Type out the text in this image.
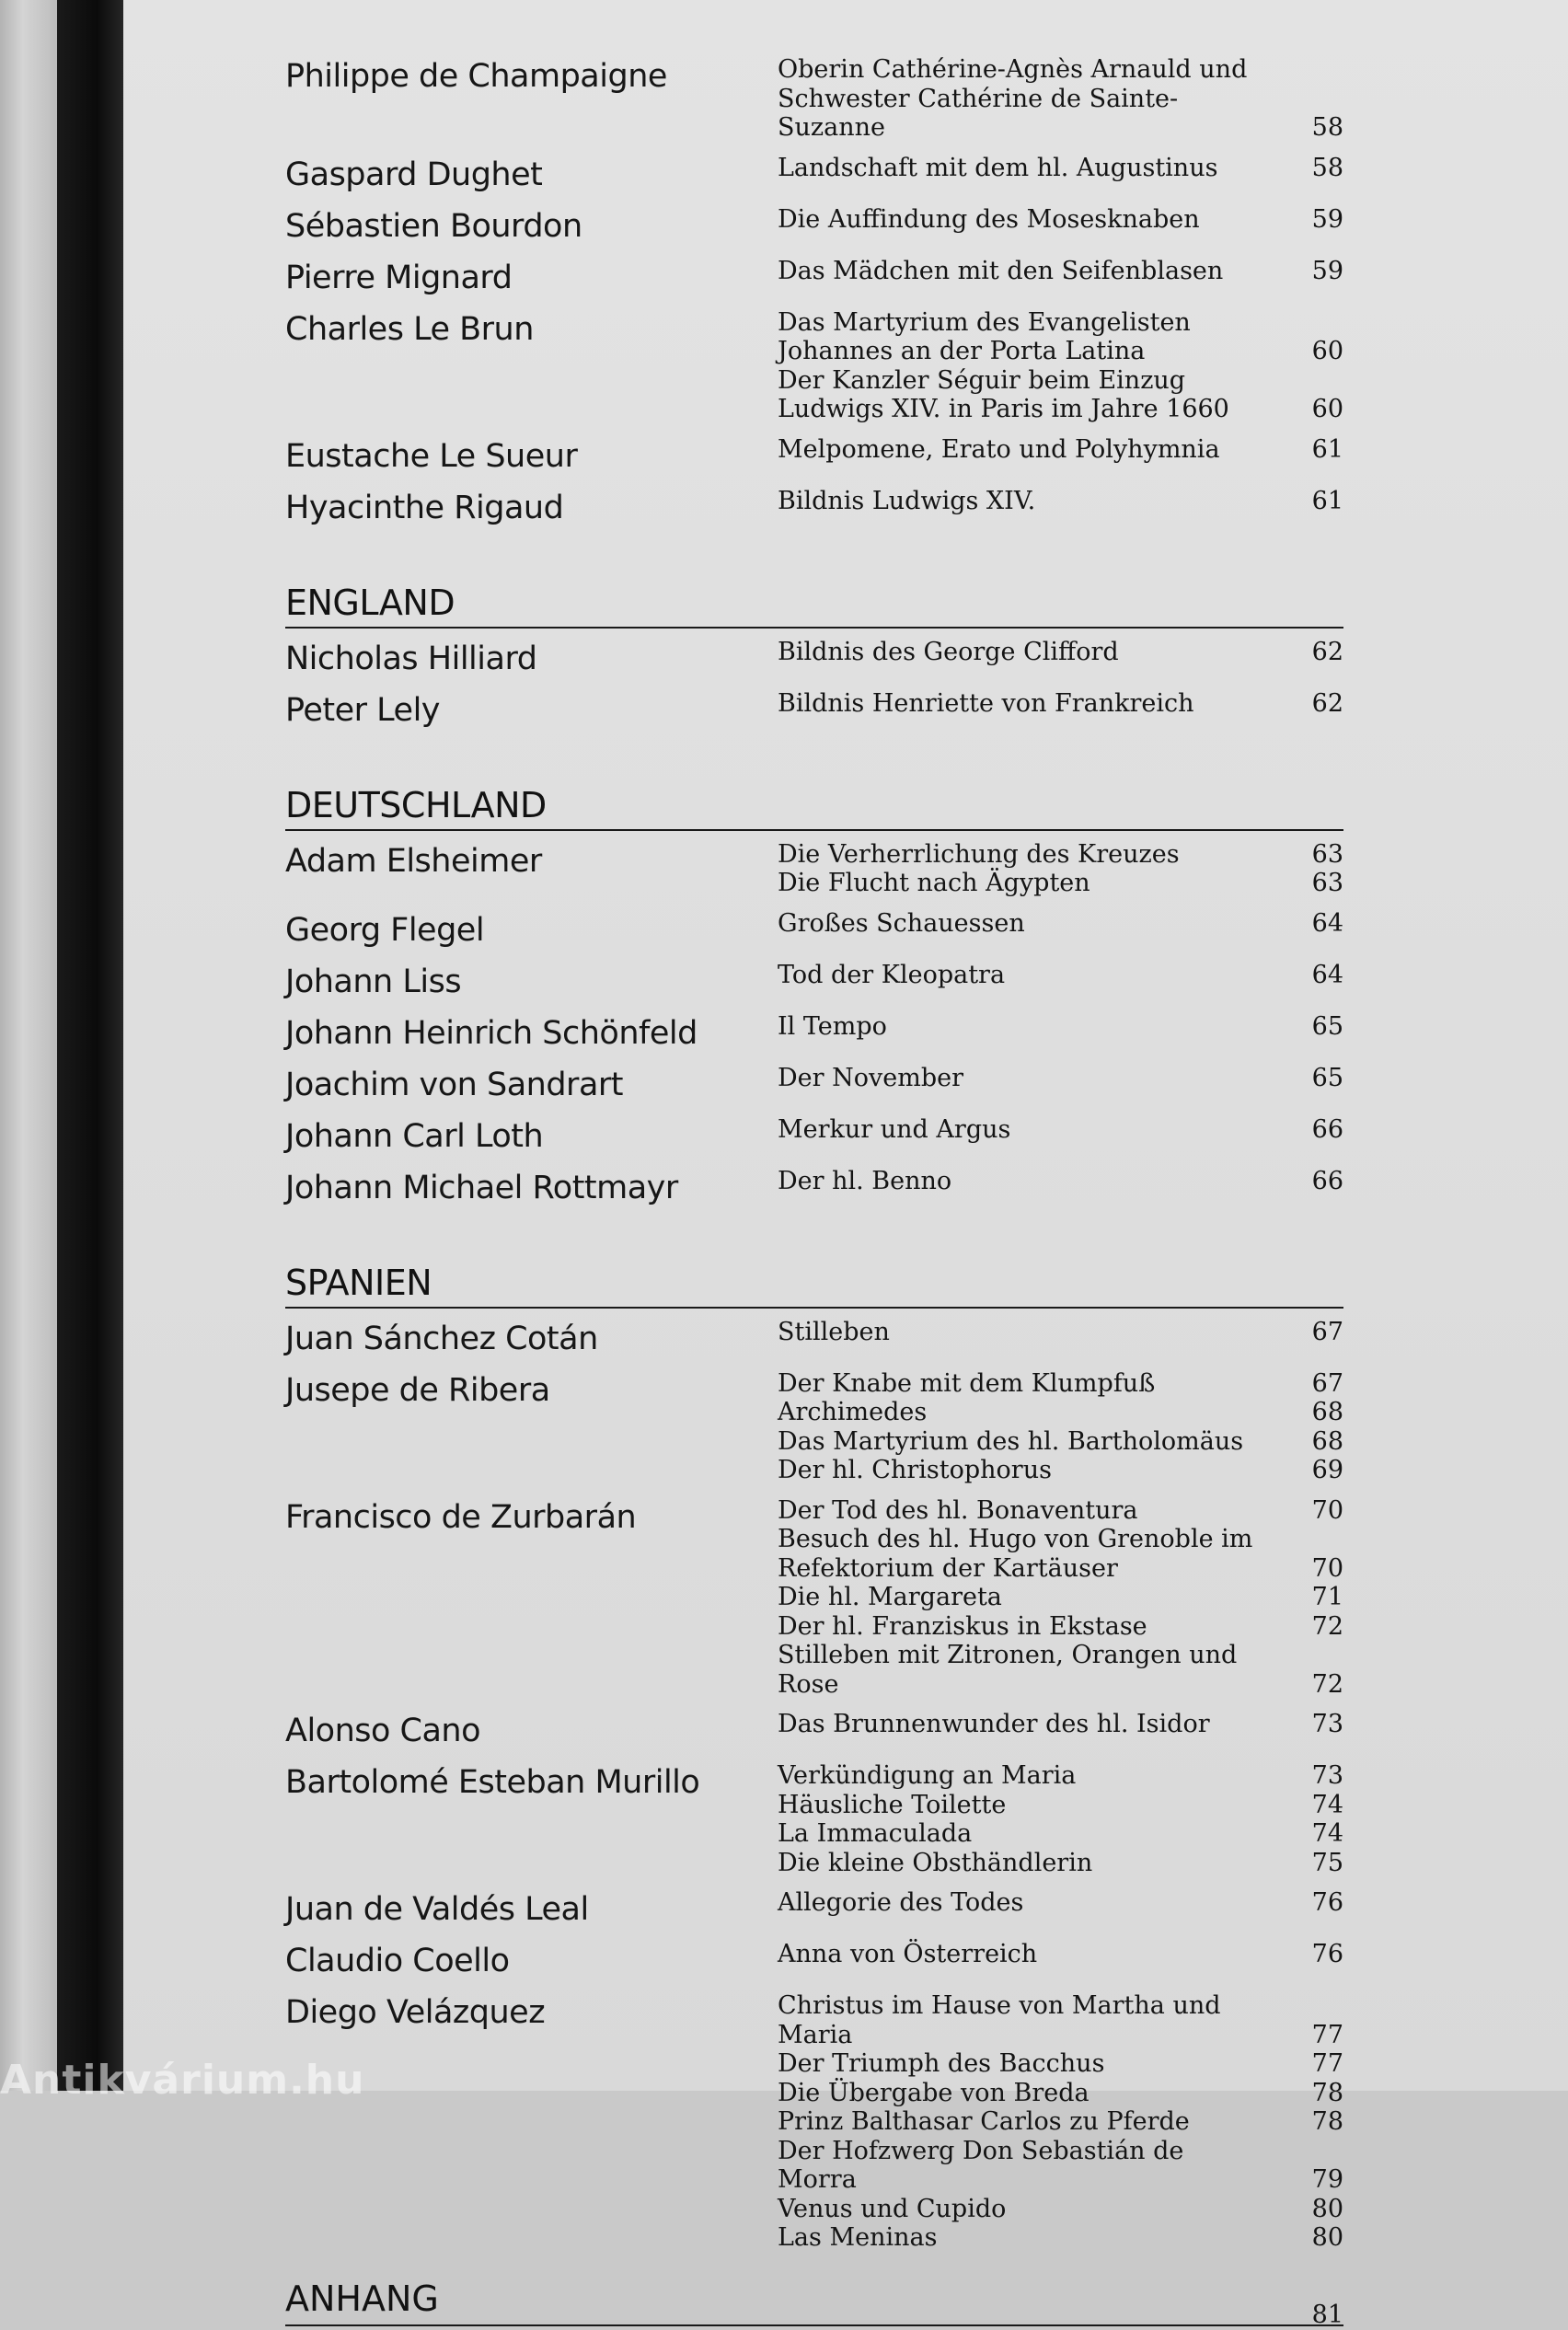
Philippe de Champaigne	Oberin Cathérine-Agnès Arnauld und
Schwester Cathérine de Sainte-Suzanne	58
Gaspard Dughet	Landschaft mit dem hl. Augustinus	58
Sébastien Bourdon	Die Auffindung des Mosesknaben	59
Pierre Mignard	Das Mädchen mit den Seifenblasen	59
Charles Le Brun	Das Martyrium des Evangelisten
Johannes an der Porta Latina	60
Der Kanzler Séguir beim Einzug
Ludwigs XIV. in Paris im Jahre 1660	60
Eustache Le Sueur	Melpomene, Erato und Polyhymnia	61
Hyacinthe Rigaud	Bildnis Ludwigs XIV.	61
ENGLAND
Nicholas Hilliard	Bildnis des George Clifford	62
Peter Lely	Bildnis Henriette von Frankreich	62
DEUTSCHLAND
Adam Elsheimer	Die Verherrlichung des Kreuzes	63
Die Flucht nach Ägypten	63
Georg Flegel	Großes Schauessen	64
Johann Liss	Tod der Kleopatra	64
Johann Heinrich Schönfeld	Il Tempo	65
Joachim von Sandrart	Der November	65
Johann Carl Loth	Merkur und Argus	66
Johann Michael Rottmayr	Der hl. Benno	66
SPANIEN
Juan Sánchez Cotán	Stilleben	67
Jusepe de Ribera	Der Knabe mit dem Klumpfuß	67
Archimedes	68
Das Martyrium des hl. Bartholomäus	68
Der hl. Christophorus	69
Francisco de Zurbarán	Der Tod des hl. Bonaventura	70
Besuch des hl. Hugo von Grenoble im
Refektorium der Kartäuser	70
Die hl. Margareta	71
Der hl. Franziskus in Ekstase	72
Stilleben mit Zitronen, Orangen und Rose	72
Alonso Cano	Das Brunnenwunder des hl. Isidor	73
Bartolomé Esteban Murillo	Verkündigung an Maria	73
Häusliche Toilette	74
La Immaculada	74
Die kleine Obsthändlerin	75
Juan de Valdés Leal	Allegorie des Todes	76
Claudio Coello	Anna von Österreich	76
Diego Velázquez	Christus im Hause von Martha und Maria	77
Der Triumph des Bacchus	77
Die Übergabe von Breda	78
Prinz Balthasar Carlos zu Pferde	78
Der Hofzwerg Don Sebastián de Morra	79
Venus und Cupido	80
Las Meninas	80
ANHANG	81
Antikvárium.hu
